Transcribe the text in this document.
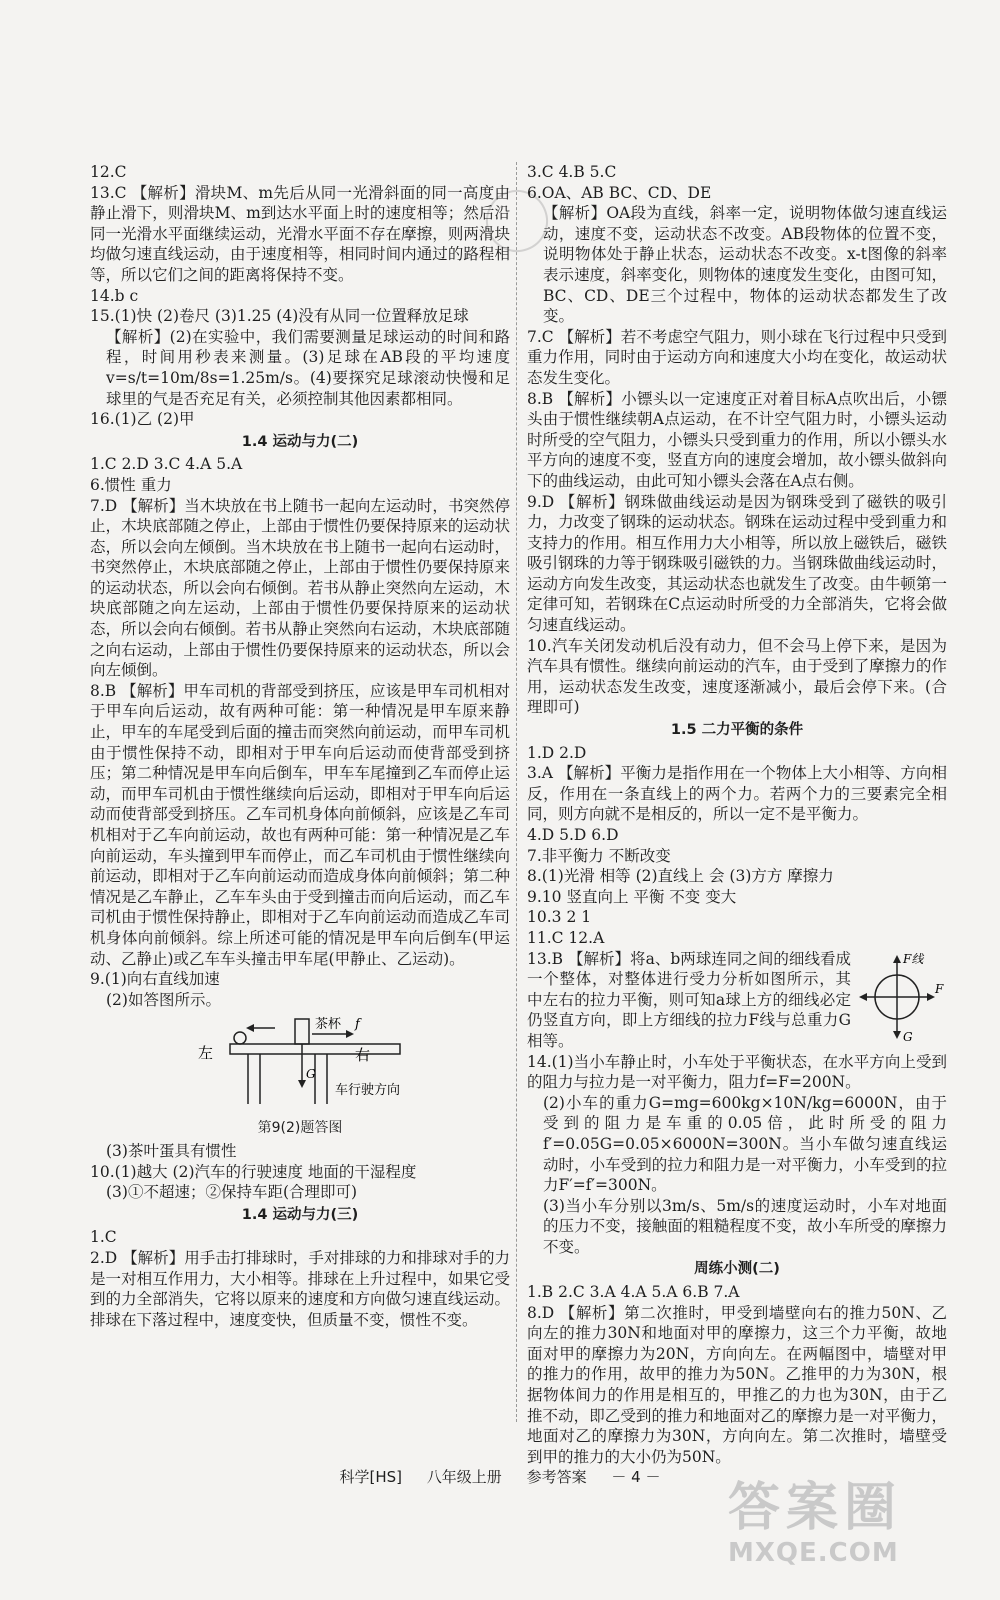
12.C

13.C 【解析】滑块M、m先后从同一光滑斜面的同一高度由静止滑下，则滑块M、m到达水平面上时的速度相等；然后沿同一光滑水平面继续运动，光滑水平面不存在摩擦，则两滑块均做匀速直线运动，由于速度相等，相同时间内通过的路程相等，所以它们之间的距离将保持不变。

14.b c

15.(1)快 (2)卷尺 (3)1.25 (4)没有从同一位置释放足球

【解析】(2)在实验中，我们需要测量足球运动的时间和路程，时间用秒表来测量。(3)足球在AB段的平均速度v=s/t=10m/8s=1.25m/s。(4)要探究足球滚动快慢和足球里的气是否充足有关，必须控制其他因素都相同。

16.(1)乙 (2)甲

1.4 运动与力(二)

1.C 2.D 3.C 4.A 5.A

6.惯性 重力

7.D 【解析】当木块放在书上随书一起向左运动时，书突然停止，木块底部随之停止，上部由于惯性仍要保持原来的运动状态，所以会向左倾倒。当木块放在书上随书一起向右运动时，书突然停止，木块底部随之停止，上部由于惯性仍要保持原来的运动状态，所以会向右倾倒。若书从静止突然向左运动，木块底部随之向左运动，上部由于惯性仍要保持原来的运动状态，所以会向右倾倒。若书从静止突然向右运动，木块底部随之向右运动，上部由于惯性仍要保持原来的运动状态，所以会向左倾倒。

8.B 【解析】甲车司机的背部受到挤压，应该是甲车司机相对于甲车向后运动，故有两种可能：第一种情况是甲车原来静止，甲车的车尾受到后面的撞击而突然向前运动，而甲车司机由于惯性保持不动，即相对于甲车向后运动而使背部受到挤压；第二种情况是甲车向后倒车，甲车车尾撞到乙车而停止运动，而甲车司机由于惯性继续向后运动，即相对于甲车向后运动而使背部受到挤压。乙车司机身体向前倾斜，应该是乙车司机相对于乙车向前运动，故也有两种可能：第一种情况是乙车向前运动，车头撞到甲车而停止，而乙车司机由于惯性继续向前运动，即相对于乙车向前运动而造成身体向前倾斜；第二种情况是乙车静止，乙车车头由于受到撞击而向后运动，而乙车司机由于惯性保持静止，即相对于乙车向前运动而造成乙车司机身体向前倾斜。综上所述可能的情况是甲车向后倒车(甲运动、乙静止)或乙车车头撞击甲车尾(甲静止、乙运动)。

9.(1)向右直线加速

(2)如答图所示。

茶杯 f
G
左	右
车行驶方向

第9(2)题答图

(3)茶叶蛋具有惯性

10.(1)越大 (2)汽车的行驶速度 地面的干湿程度

(3)①不超速；②保持车距(合理即可)

1.4 运动与力(三)

1.C

2.D 【解析】用手击打排球时，手对排球的力和排球对手的力是一对相互作用力，大小相等。排球在上升过程中，如果它受到的力全部消失，它将以原来的速度和方向做匀速直线运动。排球在下落过程中，速度变快，但质量不变，惯性不变。

3.C 4.B 5.C

6.OA、AB BC、CD、DE

【解析】OA段为直线，斜率一定，说明物体做匀速直线运动，速度不变，运动状态不改变。AB段物体的位置不变，说明物体处于静止状态，运动状态不改变。x-t图像的斜率表示速度，斜率变化，则物体的速度发生变化，由图可知，BC、CD、DE三个过程中，物体的运动状态都发生了改变。

7.C 【解析】若不考虑空气阻力，则小球在飞行过程中只受到重力作用，同时由于运动方向和速度大小均在变化，故运动状态发生变化。

8.B 【解析】小镖头以一定速度正对着目标A点吹出后，小镖头由于惯性继续朝A点运动，在不计空气阻力时，小镖头运动时所受的空气阻力，小镖头只受到重力的作用，所以小镖头水平方向的速度不变，竖直方向的速度会增加，故小镖头做斜向下的曲线运动，由此可知小镖头会落在A点右侧。

9.D 【解析】钢珠做曲线运动是因为钢珠受到了磁铁的吸引力，力改变了钢珠的运动状态。钢珠在运动过程中受到重力和支持力的作用。相互作用力大小相等，所以放上磁铁后，磁铁吸引钢珠的力等于钢珠吸引磁铁的力。当钢珠做曲线运动时，运动方向发生改变，其运动状态也就发生了改变。由牛顿第一定律可知，若钢珠在C点运动时所受的力全部消失，它将会做匀速直线运动。

10.汽车关闭发动机后没有动力，但不会马上停下来，是因为汽车具有惯性。继续向前运动的汽车，由于受到了摩擦力的作用，运动状态发生改变，速度逐渐减小，最后会停下来。(合理即可)

1.5 二力平衡的条件

1.D 2.D

3.A 【解析】平衡力是指作用在一个物体上大小相等、方向相反，作用在一条直线上的两个力。若两个力的三要素完全相同，则方向就不是相反的，所以一定不是平衡力。

4.D 5.D 6.D

7.非平衡力 不断改变

8.(1)光滑 相等 (2)直线上 会 (3)方方 摩擦力

9.10 竖直向上 平衡 不变 变大

10.3 2 1

11.C 12.A

F线
F
G

13.B 【解析】将a、b两球连同之间的细线看成一个整体，对整体进行受力分析如图所示，其中左右的拉力平衡，则可知a球上方的细线必定仍竖直方向，即上方细线的拉力F线与总重力G相等。

14.(1)当小车静止时，小车处于平衡状态，在水平方向上受到的阻力与拉力是一对平衡力，阻力f=F=200N。

(2)小车的重力G=mg=600kg×10N/kg=6000N，由于受到的阻力是车重的0.05倍，此时所受的阻力f′=0.05G=0.05×6000N=300N。当小车做匀速直线运动时，小车受到的拉力和阻力是一对平衡力，小车受到的拉力F′=f′=300N。

(3)当小车分别以3m/s、5m/s的速度运动时，小车对地面的压力不变，接触面的粗糙程度不变，故小车所受的摩擦力不变。

周练小测(二)

1.B 2.C 3.A 4.A 5.A 6.B 7.A

8.D 【解析】第二次推时，甲受到墙壁向右的推力50N、乙向左的推力30N和地面对甲的摩擦力，这三个力平衡，故地面对甲的摩擦力为20N，方向向左。在两幅图中，墙壁对甲的推力的作用，故甲的推力为50N。乙推甲的力为30N，根据物体间力的作用是相互的，甲推乙的力也为30N，由于乙推不动，即乙受到的推力和地面对乙的摩擦力是一对平衡力，地面对乙的摩擦力为30N，方向向左。第二次推时，墙壁受到甲的推力的大小仍为50N。

科学[HS] 八年级上册 参考答案 － 4 －
答案圈
MXQE.COM
